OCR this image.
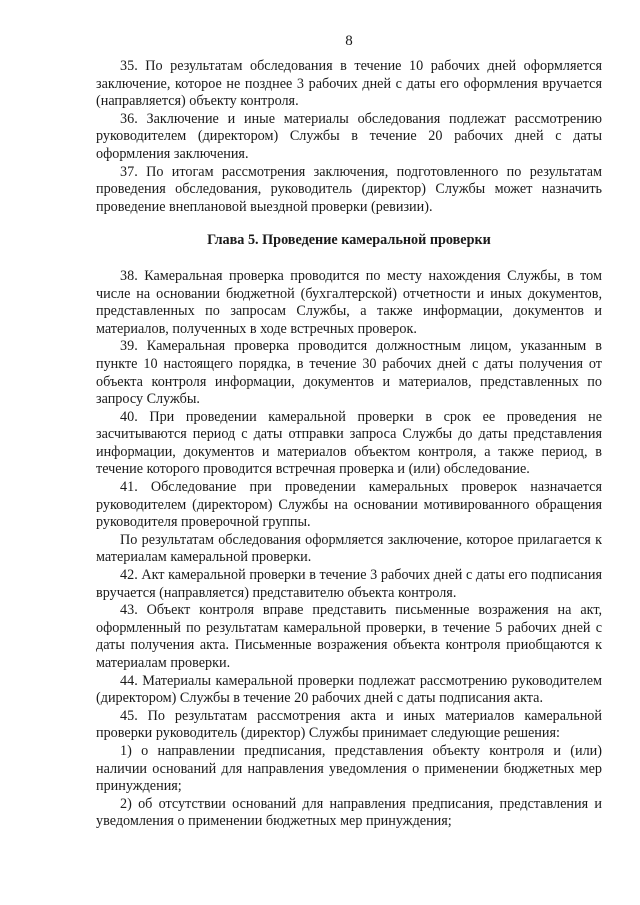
8

35. По результатам обследования в течение 10 рабочих дней оформляется заключение, которое не позднее 3 рабочих дней с даты его оформления вручается (направляется) объекту контроля.

36. Заключение и иные материалы обследования подлежат рассмотрению руководителем (директором) Службы в течение 20 рабочих дней с даты оформления заключения.

37. По итогам рассмотрения заключения, подготовленного по результатам проведения обследования, руководитель (директор) Службы может назначить проведение внеплановой выездной проверки (ревизии).

Глава 5. Проведение камеральной проверки

38. Камеральная проверка проводится по месту нахождения Службы, в том числе на основании бюджетной (бухгалтерской) отчетности и иных документов, представленных по запросам Службы, а также информации, документов и материалов, полученных в ходе встречных проверок.

39. Камеральная проверка проводится должностным лицом, указанным в пункте 10 настоящего порядка, в течение 30 рабочих дней с даты получения от объекта контроля информации, документов и материалов, представленных по запросу Службы.

40. При проведении камеральной проверки в срок ее проведения не засчитываются период с даты отправки запроса Службы до даты представления информации, документов и материалов объектом контроля, а также период, в течение которого проводится встречная проверка и (или) обследование.

41. Обследование при проведении камеральных проверок назначается руководителем (директором) Службы на основании мотивированного обращения руководителя проверочной группы.

По результатам обследования оформляется заключение, которое прилагается к материалам камеральной проверки.

42. Акт камеральной проверки в течение 3 рабочих дней с даты его подписания вручается (направляется) представителю объекта контроля.

43. Объект контроля вправе представить письменные возражения на акт, оформленный по результатам камеральной проверки, в течение 5 рабочих дней с даты получения акта. Письменные возражения объекта контроля приобщаются к материалам проверки.

44. Материалы камеральной проверки подлежат рассмотрению руководителем (директором) Службы в течение 20 рабочих дней с даты подписания акта.

45. По результатам рассмотрения акта и иных материалов камеральной проверки руководитель (директор) Службы принимает следующие решения:

1) о направлении предписания, представления объекту контроля и (или) наличии оснований для направления уведомления о применении бюджетных мер принуждения;

2) об отсутствии оснований для направления предписания, представления и уведомления о применении бюджетных мер принуждения;
